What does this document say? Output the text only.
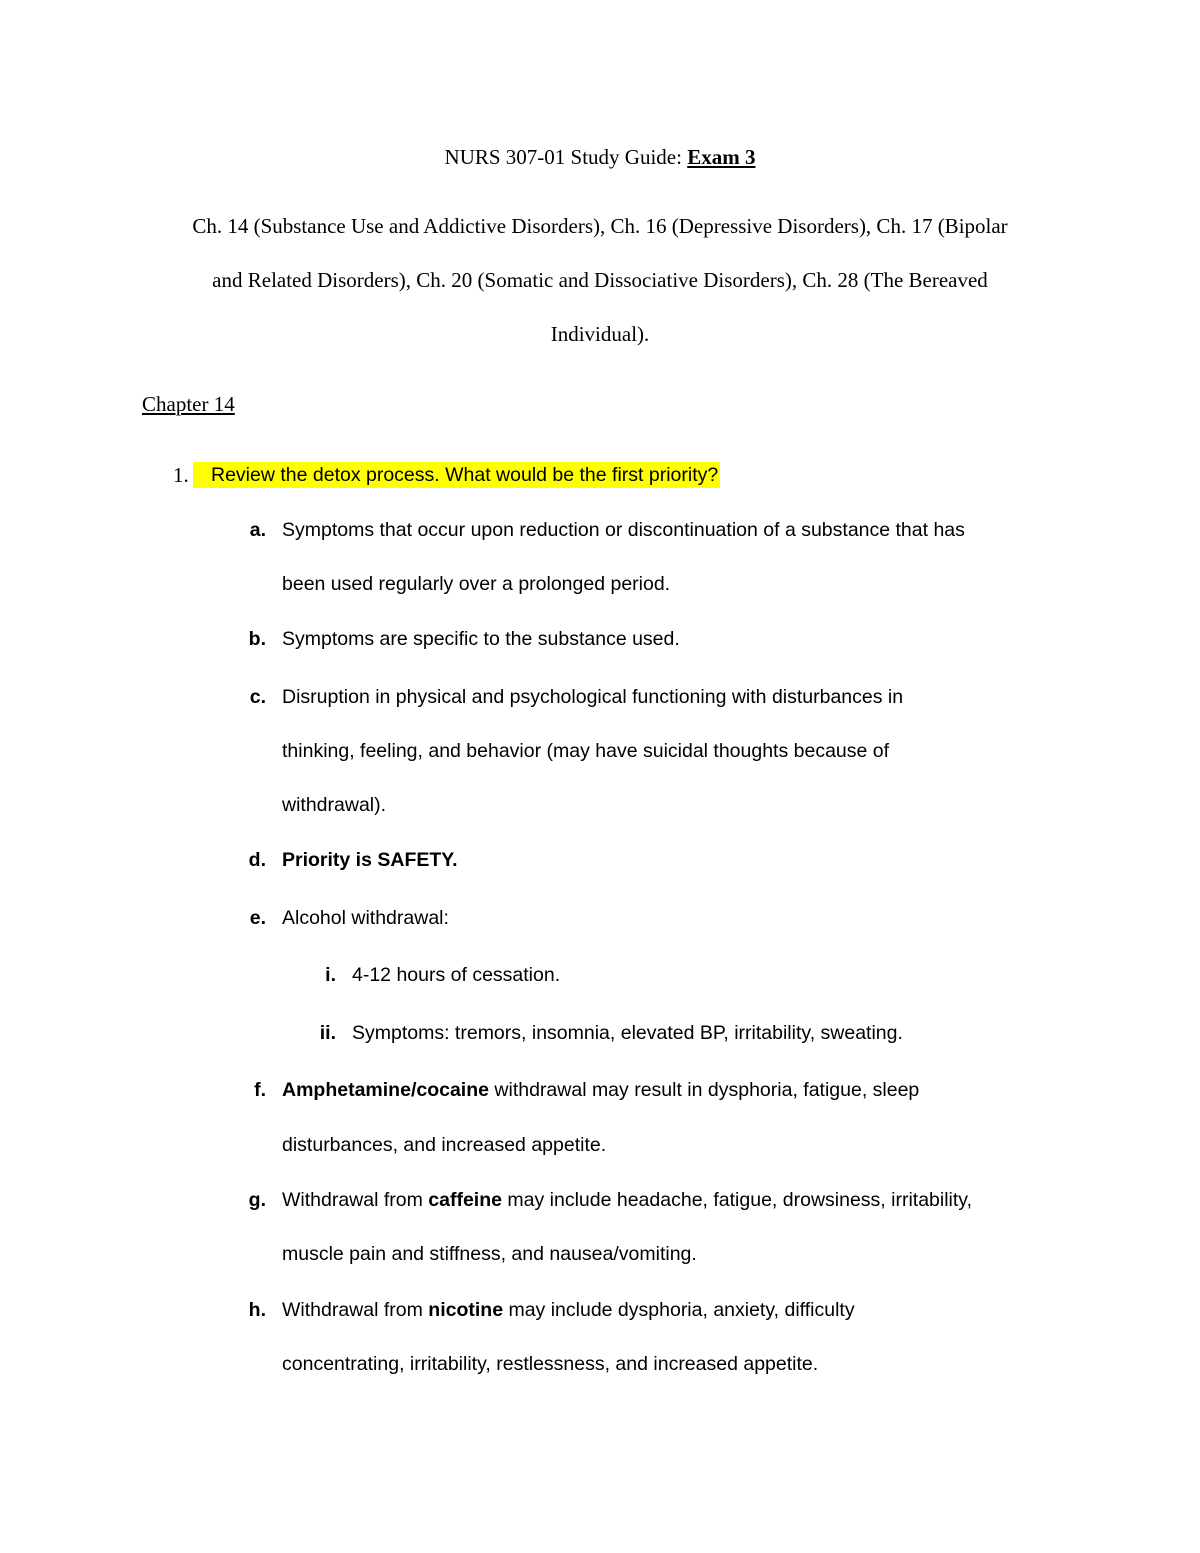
NURS 307-01 Study Guide: Exam 3
Ch. 14 (Substance Use and Addictive Disorders), Ch. 16 (Depressive Disorders), Ch. 17 (Bipolar
and Related Disorders), Ch. 20 (Somatic and Dissociative Disorders), Ch. 28 (The Bereaved
Individual).
Chapter 14
1.	Review the detox process. What would be the first priority?
a. Symptoms that occur upon reduction or discontinuation of a substance that has
been used regularly over a prolonged period.
b. Symptoms are specific to the substance used.
c. Disruption in physical and psychological functioning with disturbances in
thinking, feeling, and behavior (may have suicidal thoughts because of
withdrawal).
d. Priority is SAFETY.
e. Alcohol withdrawal:
i. 4-12 hours of cessation.
ii. Symptoms: tremors, insomnia, elevated BP, irritability, sweating.
f. Amphetamine/cocaine withdrawal may result in dysphoria, fatigue, sleep
disturbances, and increased appetite.
g. Withdrawal from caffeine may include headache, fatigue, drowsiness, irritability,
muscle pain and stiffness, and nausea/vomiting.
h. Withdrawal from nicotine may include dysphoria, anxiety, difficulty
concentrating, irritability, restlessness, and increased appetite.
